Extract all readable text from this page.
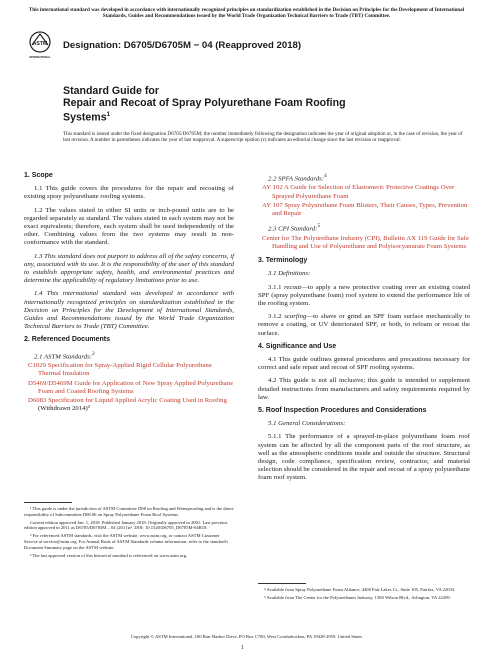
This international standard was developed in accordance with internationally recognized principles on standardization established in the Decision on Principles for the Development of International Standards, Guides and Recommendations issued by the World Trade Organization Technical Barriers to Trade (TBT) Committee.
ASTM
INTERNATIONAL
Designation: D6705/D6705M − 04 (Reapproved 2018)
Standard Guide for
Repair and Recoat of Spray Polyurethane Foam Roofing
Systems$^1$
This standard is issued under the fixed designation D6705/D6705M; the number immediately following the designation indicates the year of original adoption or, in the case of revision, the year of last revision. A number in parentheses indicates the year of last reapproval. A superscript epsilon (ε) indicates an editorial change since the last revision or reapproval.
1. Scope

1.1 This guide covers the procedures for the repair and recoating of existing spray polyurethane roofing systems.

1.2 The values stated in either SI units or inch-pound units are to be regarded separately as standard. The values stated in each system may not be exact equivalents; therefore, each system shall be used independently of the other. Combining values from the two systems may result in non-conformance with the standard.

1.3 This standard does not purport to address all of the safety concerns, if any, associated with its use. It is the responsibility of the user of this standard to establish appropriate safety, health, and environmental practices and determine the applicability of regulatory limitations prior to use.

1.4 This international standard was developed in accordance with internationally recognized principles on standardization established in the Decision on Principles for the Development of International Standards, Guides and Recommendations issued by the World Trade Organization Technical Barriers to Trade (TBT) Committee.

2. Referenced Documents

2.1 ASTM Standards:$^2$

C1029 Specification for Spray-Applied Rigid Cellular Polyurethane Thermal Insulation
D5469/D5469M Guide for Application of New Spray Applied Polyurethane Foam and Coated Roofing Systems
D6083 Specification for Liquid Applied Acrylic Coating Used in Roofing (Withdrawn 2014)³

2.2 SPFA Standards:$^4$

AY 102 A Guide for Selection of Elastomeric Protective Coatings Over Sprayed Polyurethane Foam
AY 107 Spray Polyurethane Foam Blisters, Their Causes, Types, Prevention and Repair

2.3 CPI Standard:$^5$

Center for The Polyurethane Industry (CPI), Bulletin AX 119 Guide for Safe Handling and Use of Polyurethane and Polyisocyanurate Foam Systems
3. Terminology

3.1 Definitions:

3.1.1 recoat—to apply a new protective coating over an existing coated SPF (spray polyurethane foam) roof system to extend the performance life of the roofing system.

3.1.2 scarfing—to shave or grind an SPF foam surface mechanically to remove a coating, or UV deteriorated SPF, or both, to refoam or recoat the surface.

4. Significance and Use

4.1 This guide outlines general procedures and precautions necessary for correct and safe repair and recoat of SPF roofing systems.

4.2 This guide is not all inclusive; this guide is intended to supplement detailed instructions from manufacturers and safety requirements required by law.

5. Roof Inspection Procedures and Considerations

5.1 General Considerations:

5.1.1 The performance of a sprayed-in-place polyurethane foam roof system can be affected by all the component parts of the roof structure, as well as the atmospheric conditions inside and outside the structure. Structural design, code compliance, specification review, contractor, and material selection should be considered in the repair and recoat of a spray polyurethane foam roof system.

¹ This guide is under the jurisdiction of ASTM Committee D08 on Roofing and Waterproofing and is the direct responsibility of Subcommittee D08.06 on Spray Polyurethane Foam Roof Systems.

Current edition approved Jan. 1, 2018. Published January 2018. Originally approved in 2001. Last previous edition approved in 2011 as D6705/D6705M – 04 (2011)ε¹. DOI: 10.1520/D6705_D6705M-04R18.

² For referenced ASTM standards, visit the ASTM website, www.astm.org, or contact ASTM Customer Service at service@astm.org. For Annual Book of ASTM Standards volume information, refer to the standard's Document Summary page on the ASTM website.

³ The last approved version of this historical standard is referenced on www.astm.org.

⁴ Available from Spray Polyurethane Foam Alliance, 4400 Fair Lakes Ct., Suite 105, Fairfax, VA 22033.

⁵ Available from The Center for the Polyurethanes Industry, 1300 Wilson Blvd., Arlington, VA 22209.

Copyright © ASTM International, 100 Barr Harbor Drive, PO Box C700, West Conshohocken, PA 19428-2959. United States
1
